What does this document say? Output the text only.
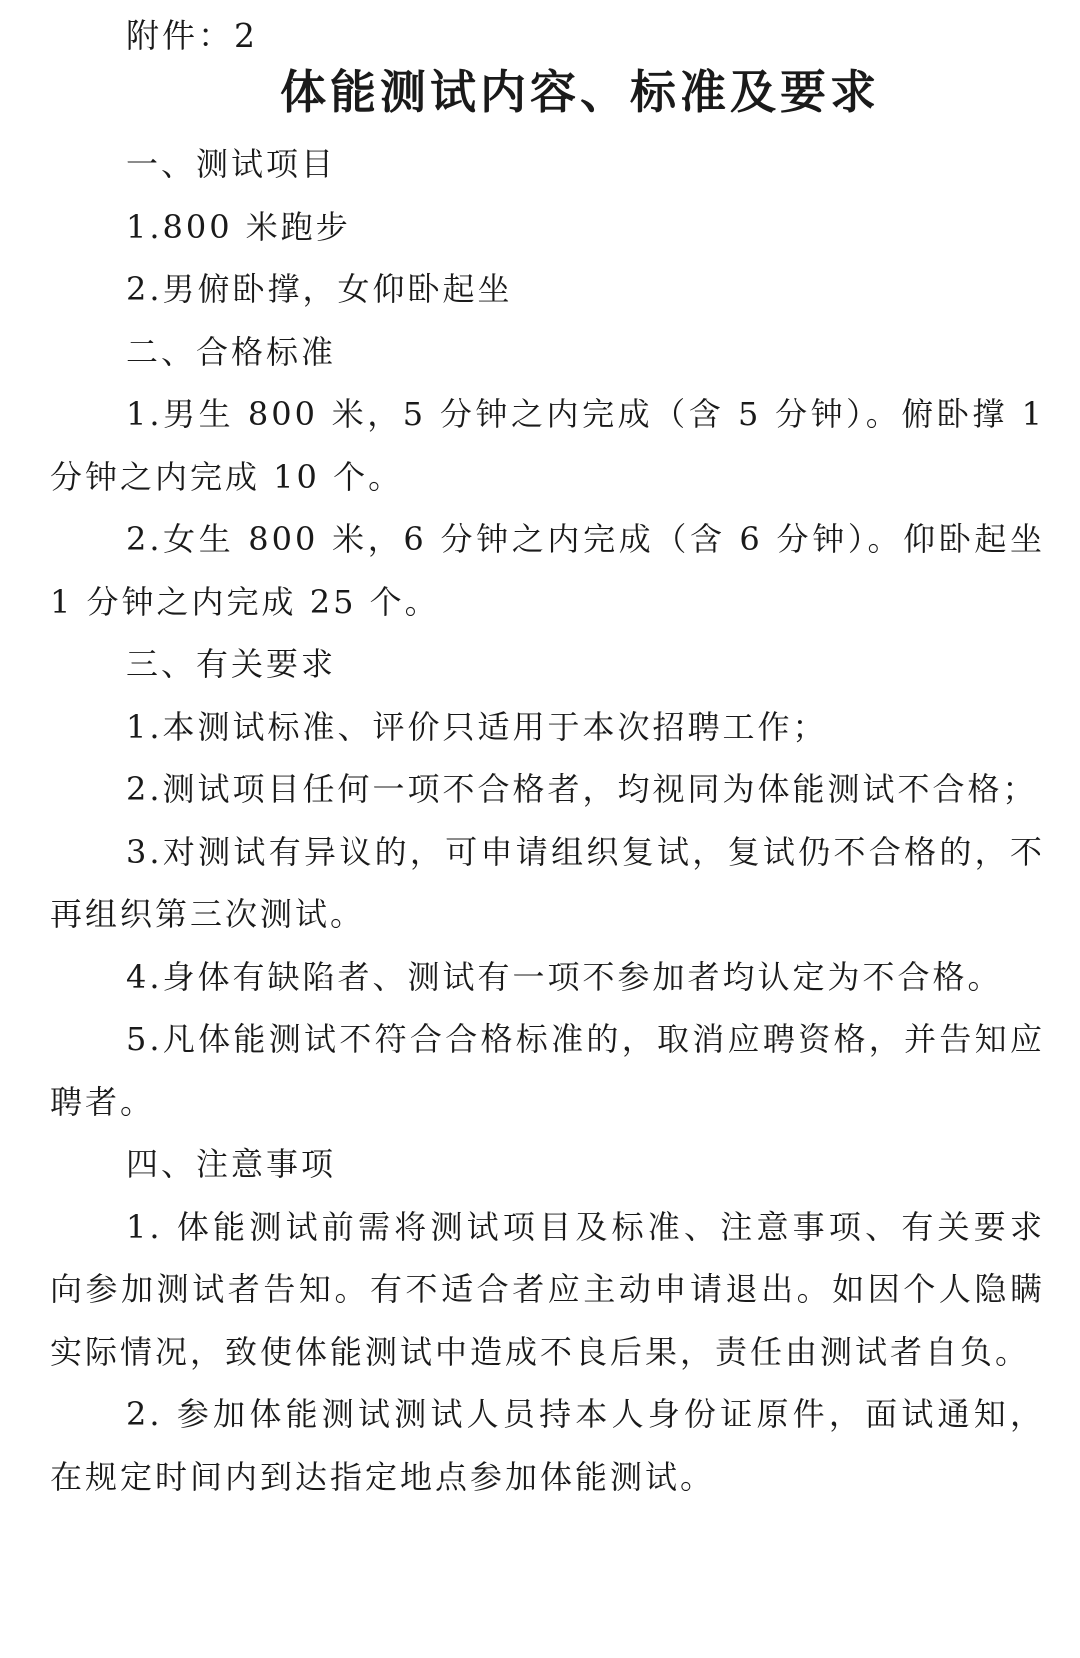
附件：2
体能测试内容、标准及要求

一、测试项目

1.800 米跑步

2.男俯卧撑，女仰卧起坐

二、合格标准

1.男生 800 米，5 分钟之内完成（含 5 分钟）。俯卧撑 1 分钟之内完成 10 个。

2.女生 800 米，6 分钟之内完成（含 6 分钟）。仰卧起坐 1 分钟之内完成 25 个。

三、有关要求

1.本测试标准、评价只适用于本次招聘工作；

2.测试项目任何一项不合格者，均视同为体能测试不合格；

3.对测试有异议的，可申请组织复试，复试仍不合格的，不再组织第三次测试。

4.身体有缺陷者、测试有一项不参加者均认定为不合格。

5.凡体能测试不符合合格标准的，取消应聘资格，并告知应聘者。

四、注意事项

1. 体能测试前需将测试项目及标准、注意事项、有关要求向参加测试者告知。有不适合者应主动申请退出。如因个人隐瞒实际情况，致使体能测试中造成不良后果，责任由测试者自负。

2. 参加体能测试测试人员持本人身份证原件，面试通知，在规定时间内到达指定地点参加体能测试。
